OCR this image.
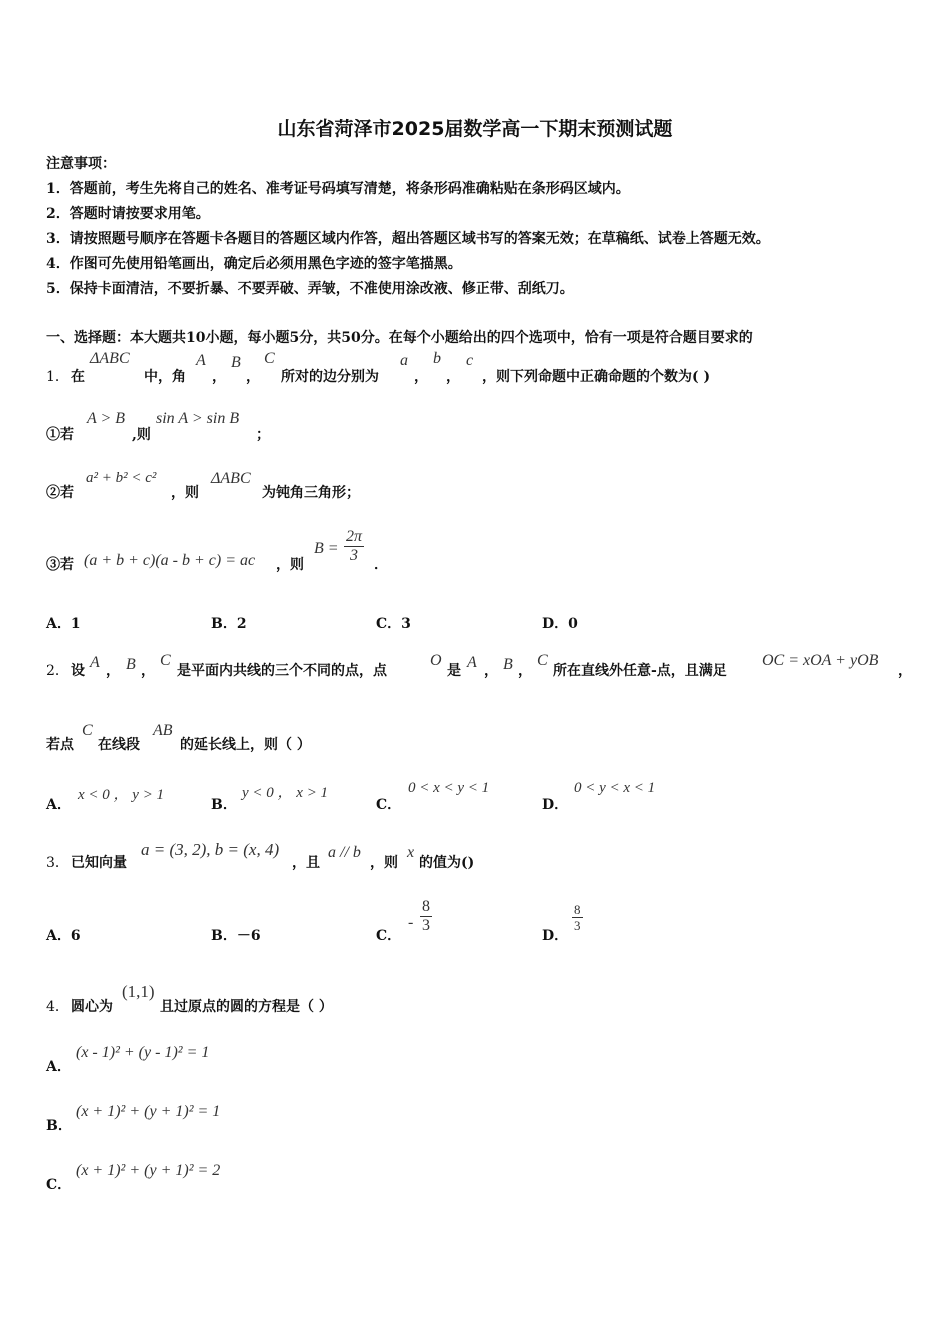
山东省菏泽市2025届数学高一下期末预测试题
注意事项：
1．答题前，考生先将自己的姓名、准考证号码填写清楚，将条形码准确粘贴在条形码区域内。
2．答题时请按要求用笔。
3．请按照题号顺序在答题卡各题目的答题区域内作答，超出答题区域书写的答案无效；在草稿纸、试卷上答题无效。
4．作图可先使用铅笔画出，确定后必须用黑色字迹的签字笔描黑。
5．保持卡面清洁，不要折暴、不要弄破、弄皱，不准使用涂改液、修正带、刮纸刀。
一、选择题：本大题共10小题，每小题5分，共50分。在每个小题给出的四个选项中，恰有一项是符合题目要求的
1． 在
ΔABC
中，角
A
，
B
，
C
所对的边分别为
a
，
b
，
c
，则下列命题中正确命题的个数为( )
①若
A > B
,则
sin A > sin B
；
②若
a² + b² < c²
，则
ΔABC
为钝角三角形；
③若 (a + b + c)(a - b + c) = ac ，则
$B = \frac{2\pi}{3}$ ．
A．1	B．2	C．3	D．0
2． 设 A ， B ，
C
是平面内共线的三个不同的点，点
O
是 A ， B ，
C
所在直线外任意-点，且满足
OC = xOA + yOB
，
若点
C
在线段
AB
的延长线上，则（ ）
A．
x < 0 ， y > 1
B．
y < 0 ， x > 1
C．
0 < x < y < 1
D．
0 < y < x < 1
3． 已知向量
a = (3, 2), b = (x, 4)
，且
a // b
，则
x
的值为()
A．6	B．－6	C．
- $\frac{8}{3}$
D．
$\frac{8}{3}$
4． 圆心为
(1,1)
且过原点的圆的方程是（ ）
A．
(x - 1)² + (y - 1)² = 1
B．
(x + 1)² + (y + 1)² = 1
C．
(x + 1)² + (y + 1)² = 2
